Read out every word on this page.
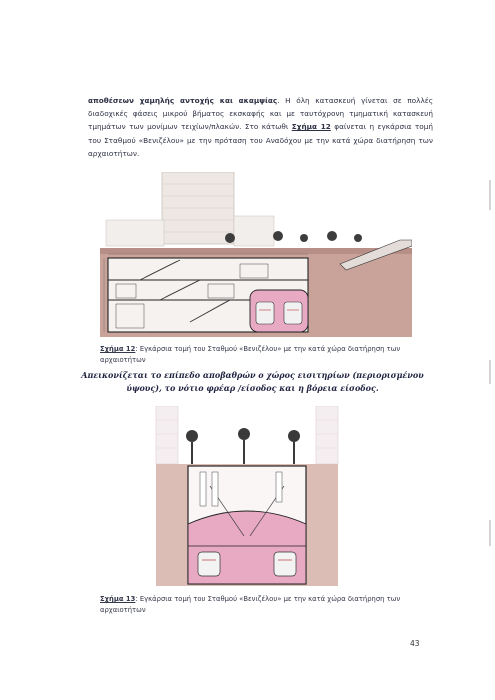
αποθέσεων χαμηλής αντοχής και ακαμψίας. Η όλη κατασκευή γίνεται σε πολλές διαδοχικές φάσεις μικρού βήματος εκσκαφής και με ταυτόχρονη τμηματική κατασκευή τμημάτων των μονίμων τειχίων/πλακών. Στο κάτωθι Σχήμα 12 φαίνεται η εγκάρσια τομή του Σταθμού «Βενιζέλου» με την πρόταση του Αναδόχου με την κατά χώρα διατήρηση των αρχαιοτήτων.
Σχήμα 12: Εγκάρσια τομή του Σταθμού «Βενιζέλου» με την κατά χώρα διατήρηση των αρχαιοτήτων
Απεικονίζεται το επίπεδο αποβαθρών ο χώρος εισιτηρίων (περιορισμένου ύψους), το νότιο φρέαρ /είσοδος και η βόρεια είσοδος.
Σχήμα 13: Εγκάρσια τομή του Σταθμού «Βενιζέλου» με την κατά χώρα διατήρηση των αρχαιοτήτων
43
